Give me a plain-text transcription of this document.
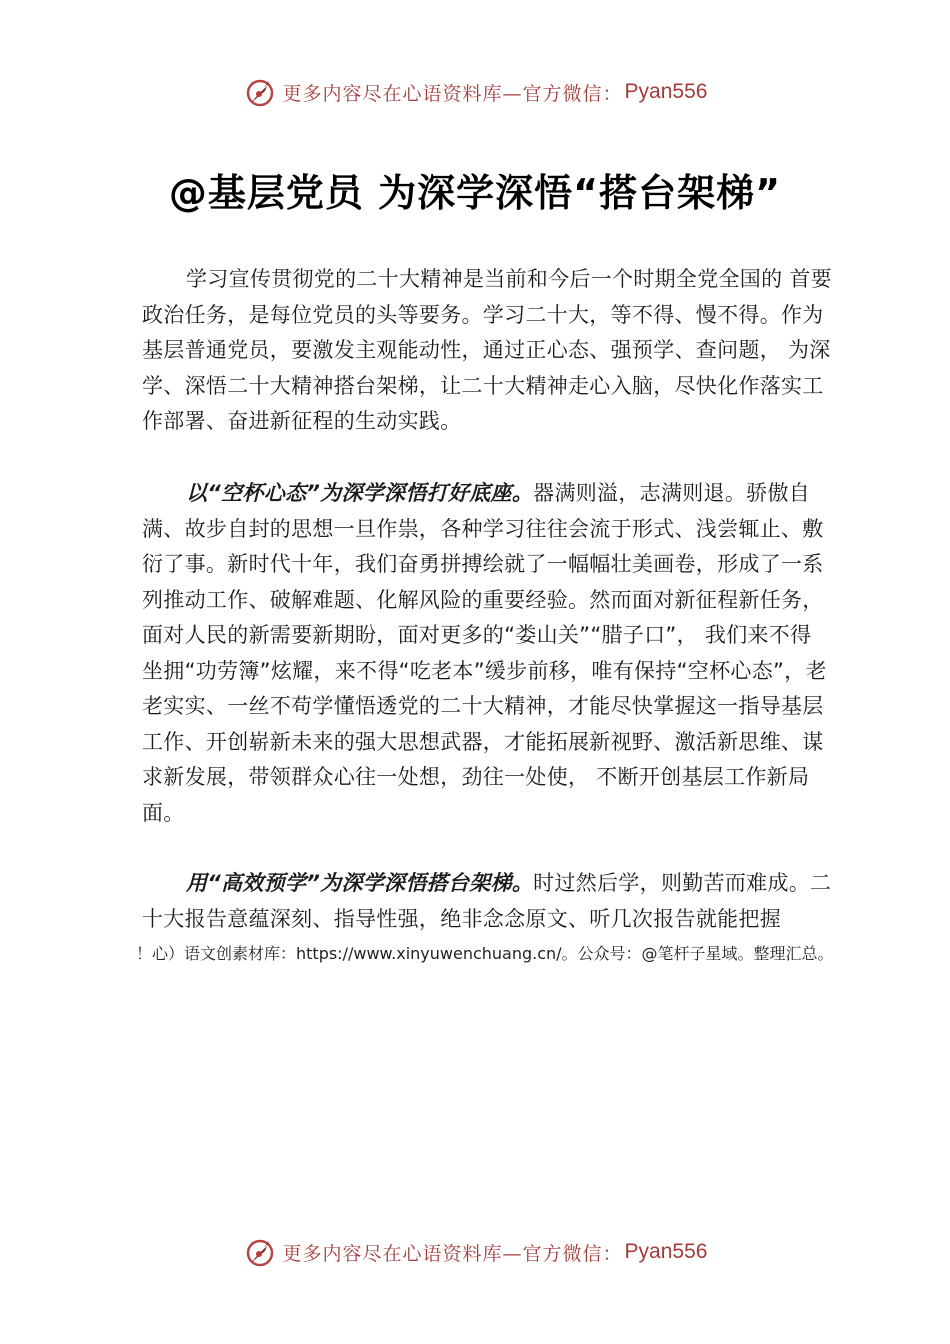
更多内容尽在心语资料库—官方微信： Pyan556
@基层党员 为深学深悟“搭台架梯”

学习宣传贯彻党的二十大精神是当前和今后一个时期全党全国的 首要政治任务，是每位党员的头等要务。学习二十大，等不得、慢不得。作为基层普通党员，要激发主观能动性，通过正心态、强预学、查问题， 为深学、深悟二十大精神搭台架梯，让二十大精神走心入脑，尽快化作落实工作部署、奋进新征程的生动实践。

以“空杯心态”为深学深悟打好底座。器满则溢，志满则退。骄傲自满、故步自封的思想一旦作祟，各种学习往往会流于形式、浅尝辄止、敷衍了事。新时代十年，我们奋勇拼搏绘就了一幅幅壮美画卷，形成了一系列推动工作、破解难题、化解风险的重要经验。然而面对新征程新任务，面对人民的新需要新期盼，面对更多的“娄山关”“腊子口”， 我们来不得坐拥“功劳簿”炫耀，来不得“吃老本”缓步前移，唯有保持“空杯心态”，老老实实、一丝不苟学懂悟透党的二十大精神，才能尽快掌握这一指导基层工作、开创崭新未来的强大思想武器，才能拓展新视野、激活新思维、谋求新发展，带领群众心往一处想，劲往一处使， 不断开创基层工作新局面。

用“高效预学”为深学深悟搭台架梯。时过然后学，则勤苦而难成。二十大报告意蕴深刻、指导性强，绝非念念原文、听几次报告就能把握

！心）语文创素材库：https://www.xinyuwenchuang.cn/。公众号：@笔杆子星域。整理汇总。

更多内容尽在心语资料库—官方微信： Pyan556
